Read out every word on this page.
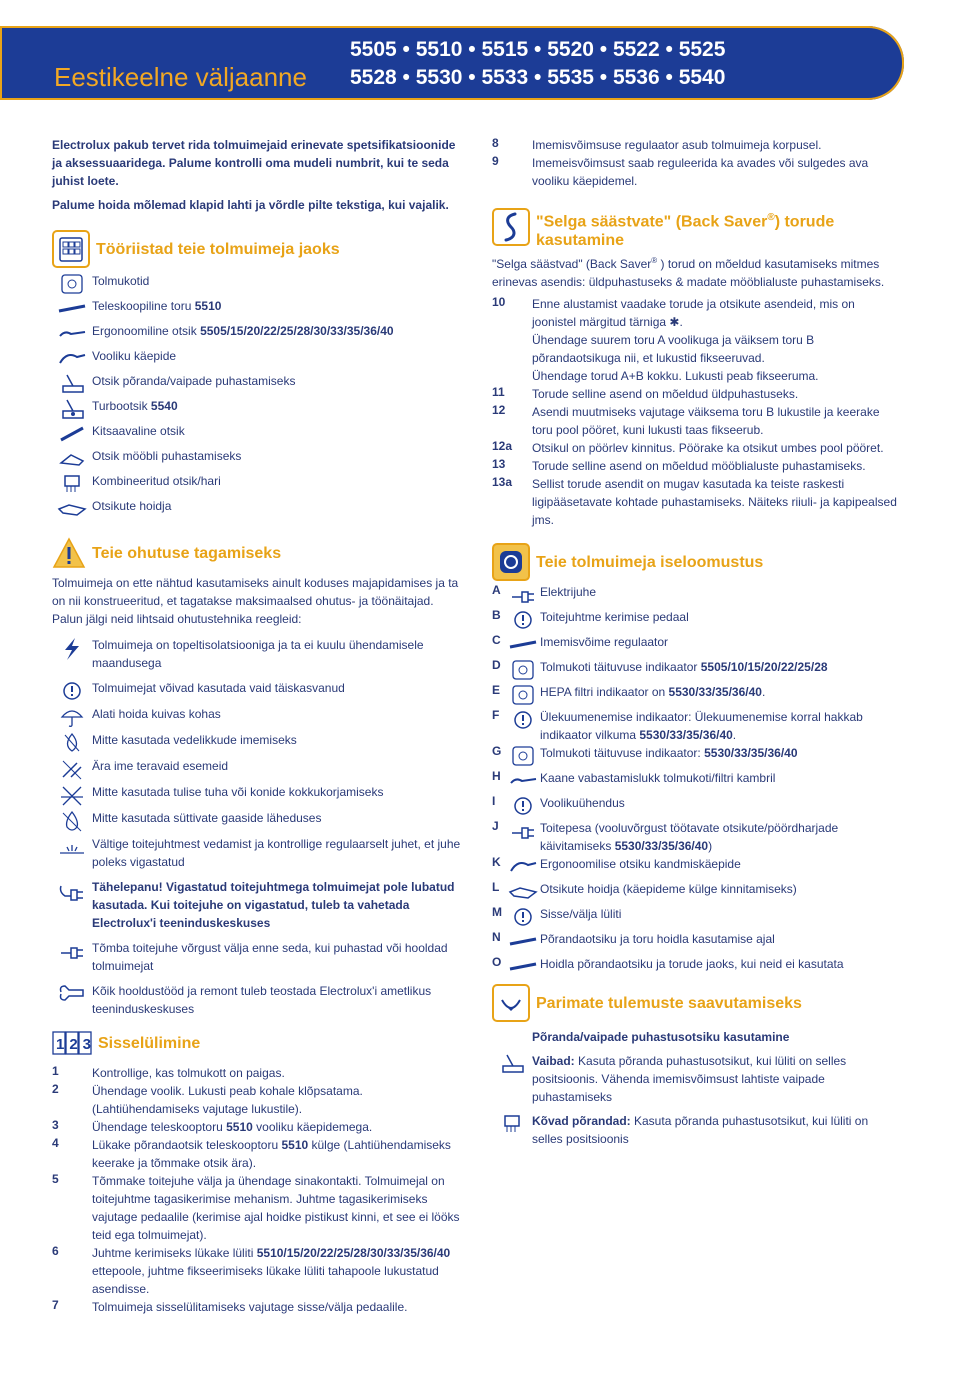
5505 • 5510 • 5515 • 5520 • 5522 • 5525
5528 • 5530 • 5533 • 5535 • 5536 • 5540
Eestikeelne väljaanne

Electrolux pakub tervet rida tolmuimejaid erinevate spetsifikatsioonide ja aksessuaaridega. Palume kontrolli oma mudeli numbrit, kui te seda juhist loete.

Palume hoida mõlemad klapid lahti ja võrdle pilte tekstiga, kui vajalik.

Tööriistad teie tolmuimeja jaoks
Tolmukotid
Teleskoopiline toru 5510
Ergonoomiline otsik 5505/15/20/22/25/28/30/33/35/36/40
Vooliku käepide
Otsik põranda/vaipade puhastamiseks
Turbootsik 5540
Kitsaavaline otsik
Otsik mööbli puhastamiseks
Kombineeritud otsik/hari
Otsikute hoidja
Teie ohutuse tagamiseks

Tolmuimeja on ette nähtud kasutamiseks ainult koduses majapidamises ja ta on nii konstrueeritud, et tagatakse maksimaalsed ohutus- ja töönäitajad. Palun jälgi neid lihtsaid ohutustehnika reegleid:

Tolmuimeja on topeltisolatsiooniga ja ta ei kuulu ühendamisele maandusega
Tolmuimejat võivad kasutada vaid täiskasvanud
Alati hoida kuivas kohas
Mitte kasutada vedelikkude imemiseks
Ära ime teravaid esemeid
Mitte kasutada tulise tuha või konide kokkukorjamiseks
Mitte kasutada süttivate gaaside läheduses
Vältige toitejuhtmest vedamist ja kontrollige regulaarselt juhet, et juhe poleks vigastatud
Tähelepanu! Vigastatud toitejuhtmega tolmuimejat pole lubatud kasutada. Kui toitejuhe on vigastatud, tuleb ta vahetada Electrolux'i teeninduskeskuses
Tõmba toitejuhe võrgust välja enne seda, kui puhastad või hooldad tolmuimejat
Kõik hooldustööd ja remont tuleb teostada Electrolux'i ametlikus teeninduskeskuses
123 Sisselülimine
1	Kontrollige, kas tolmukott on paigas.
2	Ühendage voolik. Lukusti peab kohale klõpsatama. (Lahtiühendamiseks vajutage lukustile).
3	Ühendage teleskooptoru 5510 vooliku käepidemega.
4	Lükake põrandaotsik teleskooptoru 5510 külge (Lahtiühendamiseks keerake ja tõmmake otsik ära).
5	Tõmmake toitejuhe välja ja ühendage sinakontakti. Tolmuimejal on toitejuhtme tagasikerimise mehanism. Juhtme tagasikerimiseks vajutage pedaalile (kerimise ajal hoidke pistikust kinni, et see ei lööks teid ega tolmuimejat).
6	Juhtme kerimiseks lükake lüliti 5510/15/20/22/25/28/30/33/35/36/40 ettepoole, juhtme fikseerimiseks lükake lüliti tahapoole lukustatud asendisse.
7	Tolmuimeja sisselülitamiseks vajutage sisse/välja pedaalile.
8	Imemisvõimsuse regulaator asub tolmuimeja korpusel.
9	Imemeisvõimsust saab reguleerida ka avades või sulgedes ava vooliku käepidemel.
"Selga säästvate" (Back Saver®) torude kasutamine

"Selga säästvad" (Back Saver® ) torud on mõeldud kasutamiseks mitmes erinevas asendis: üldpuhastuseks & madate mööblialuste puhastamiseks.

10	Enne alustamist vaadake torude ja otsikute asendeid, mis on joonistel märgitud tärniga ✱.
Ühendage suurem toru A voolikuga ja väiksem toru B põrandaotsikuga nii, et lukustid fikseeruvad.
Ühendage torud A+B kokku. Lukusti peab fikseeruma.
11	Torude selline asend on mõeldud üldpuhastuseks.
12	Asendi muutmiseks vajutage väiksema toru B lukustile ja keerake toru pool pööret, kuni lukusti taas fikseerub.
12a	Otsikul on pöörlev kinnitus. Pöörake ka otsikut umbes pool pööret.
13	Torude selline asend on mõeldud mööblialuste puhastamiseks.
13a	Sellist torude asendit on mugav kasutada ka teiste raskesti ligipääsetavate kohtade puhastamiseks. Näiteks riiuli- ja kapipealsed jms.
Teie tolmuimeja iseloomustus
A	Elektrijuhe
B	Toitejuhtme kerimise pedaal
C	Imemisvõime regulaator
D	Tolmukoti täituvuse indikaator 5505/10/15/20/22/25/28
E	HEPA filtri indikaator on 5530/33/35/36/40.
F	Ülekuumenemise indikaator: Ülekuumenemise korral hakkab indikaator vilkuma 5530/33/35/36/40.
G	Tolmukoti täituvuse indikaator: 5530/33/35/36/40
H	Kaane vabastamislukk tolmukoti/filtri kambril
I	Voolikuühendus
J	Toitepesa (vooluvõrgust töötavate otsikute/pöördharjade käivitamiseks 5530/33/35/36/40)
K	Ergonoomilise otsiku kandmiskäepide
L	Otsikute hoidja (käepideme külge kinnitamiseks)
M	Sisse/välja lüliti
N	Põrandaotsiku ja toru hoidla kasutamise ajal
O	Hoidla põrandaotsiku ja torude jaoks, kui neid ei kasutata
Parimate tulemuste saavutamiseks

Põranda/vaipade puhastusotsiku kasutamine

Vaibad: Kasuta põranda puhastusotsikut, kui lüliti on selles positsioonis. Vähenda imemisvõimsust lahtiste vaipade puhastamiseks
Kõvad põrandad: Kasuta põranda puhastusotsikut, kui lüliti on selles positsioonis
